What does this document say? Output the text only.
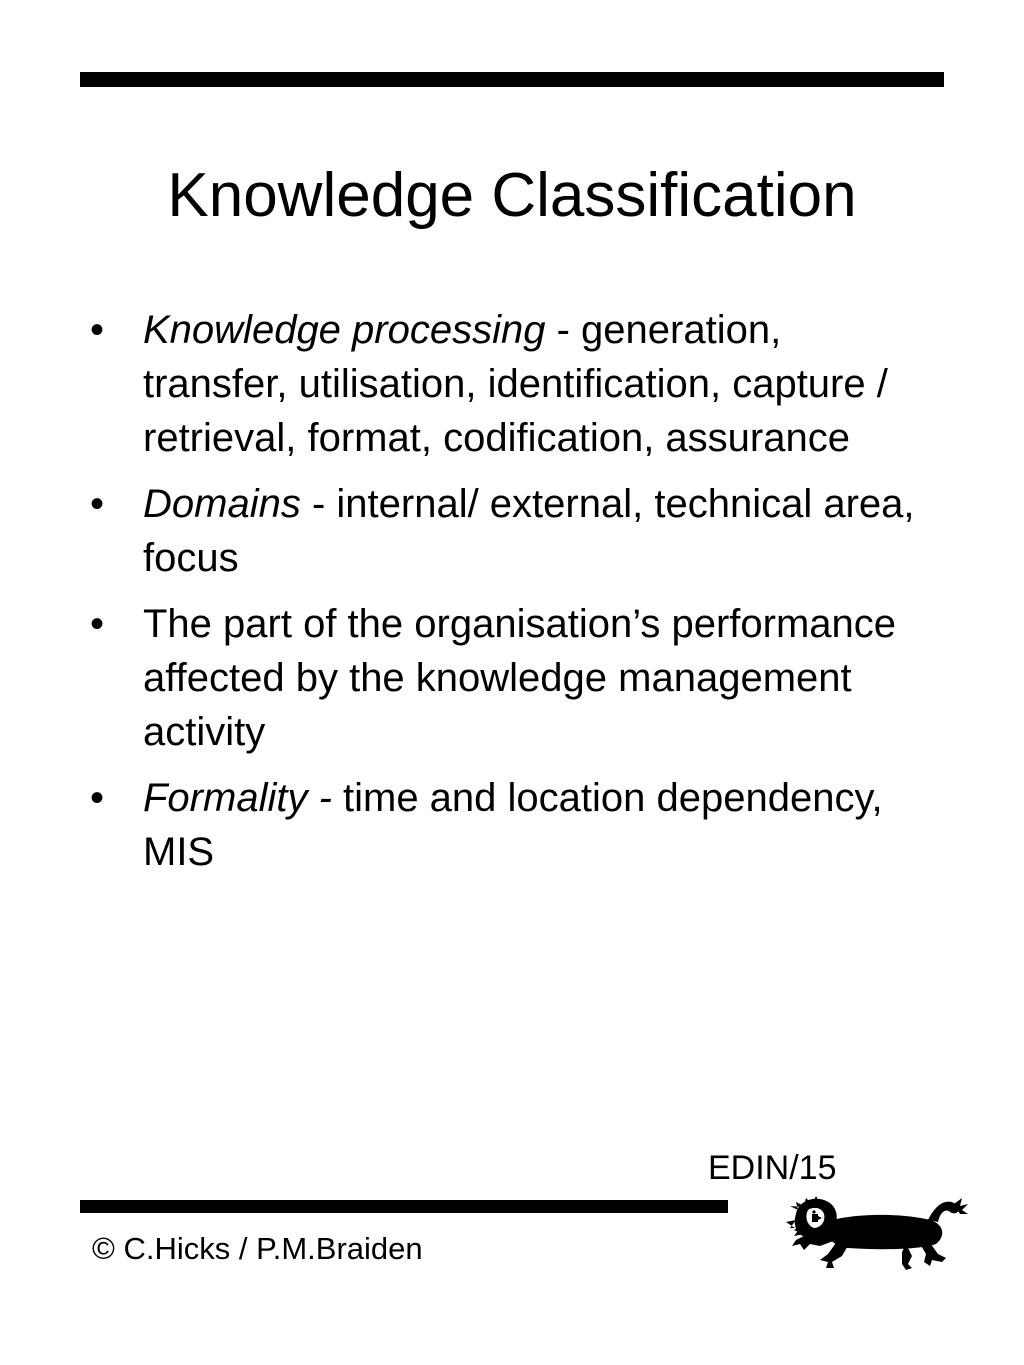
Knowledge Classification
• Knowledge processing - generation, transfer, utilisation, identification, capture / retrieval, format, codification, assurance
• Domains - internal/ external, technical area, focus
• The part of the organisation’s performance affected by the knowledge management activity
• Formality - time and location dependency, MIS
EDIN/15
© C.Hicks / P.M.Braiden
